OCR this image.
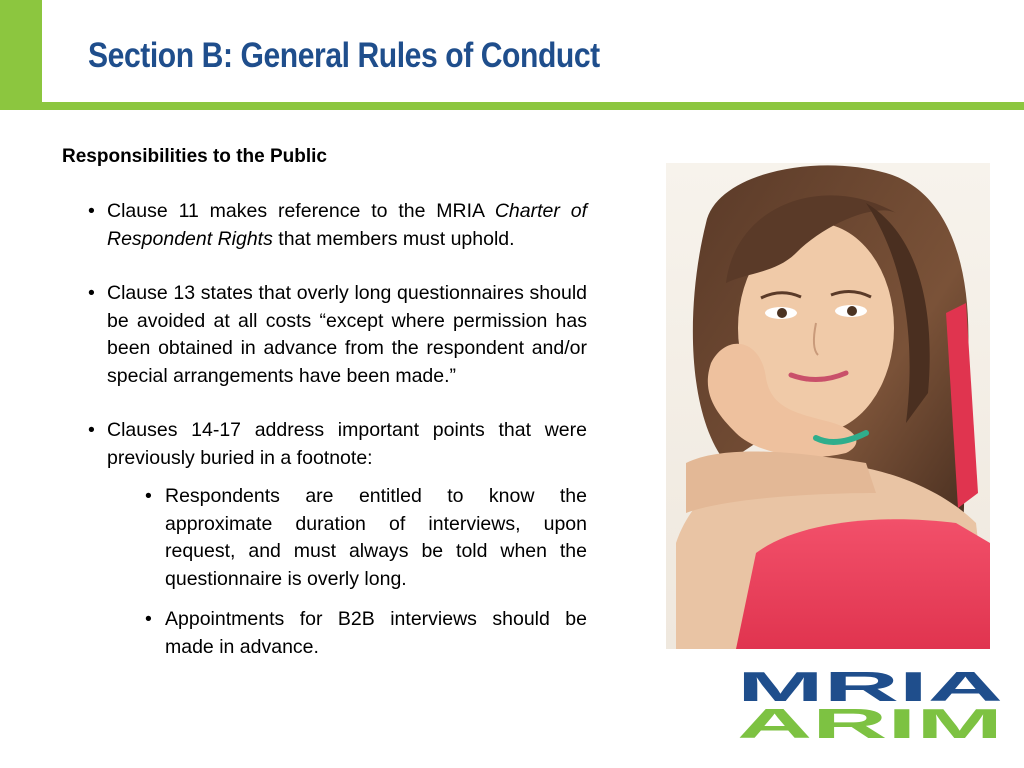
Section B: General Rules of Conduct
Responsibilities to the Public
• Clause 11 makes reference to the MRIA Charter of Respondent Rights that members must uphold.
• Clause 13 states that overly long questionnaires should be avoided at all costs “except where permission has been obtained in advance from the respondent and/or special arrangements have been made.”
• Clauses 14-17 address important points that were previously buried in a footnote:
• Respondents are entitled to know the approximate duration of interviews, upon request, and must always be told when the questionnaire is overly long.
• Appointments for B2B interviews should be made in advance.
MRIA
ARIM
